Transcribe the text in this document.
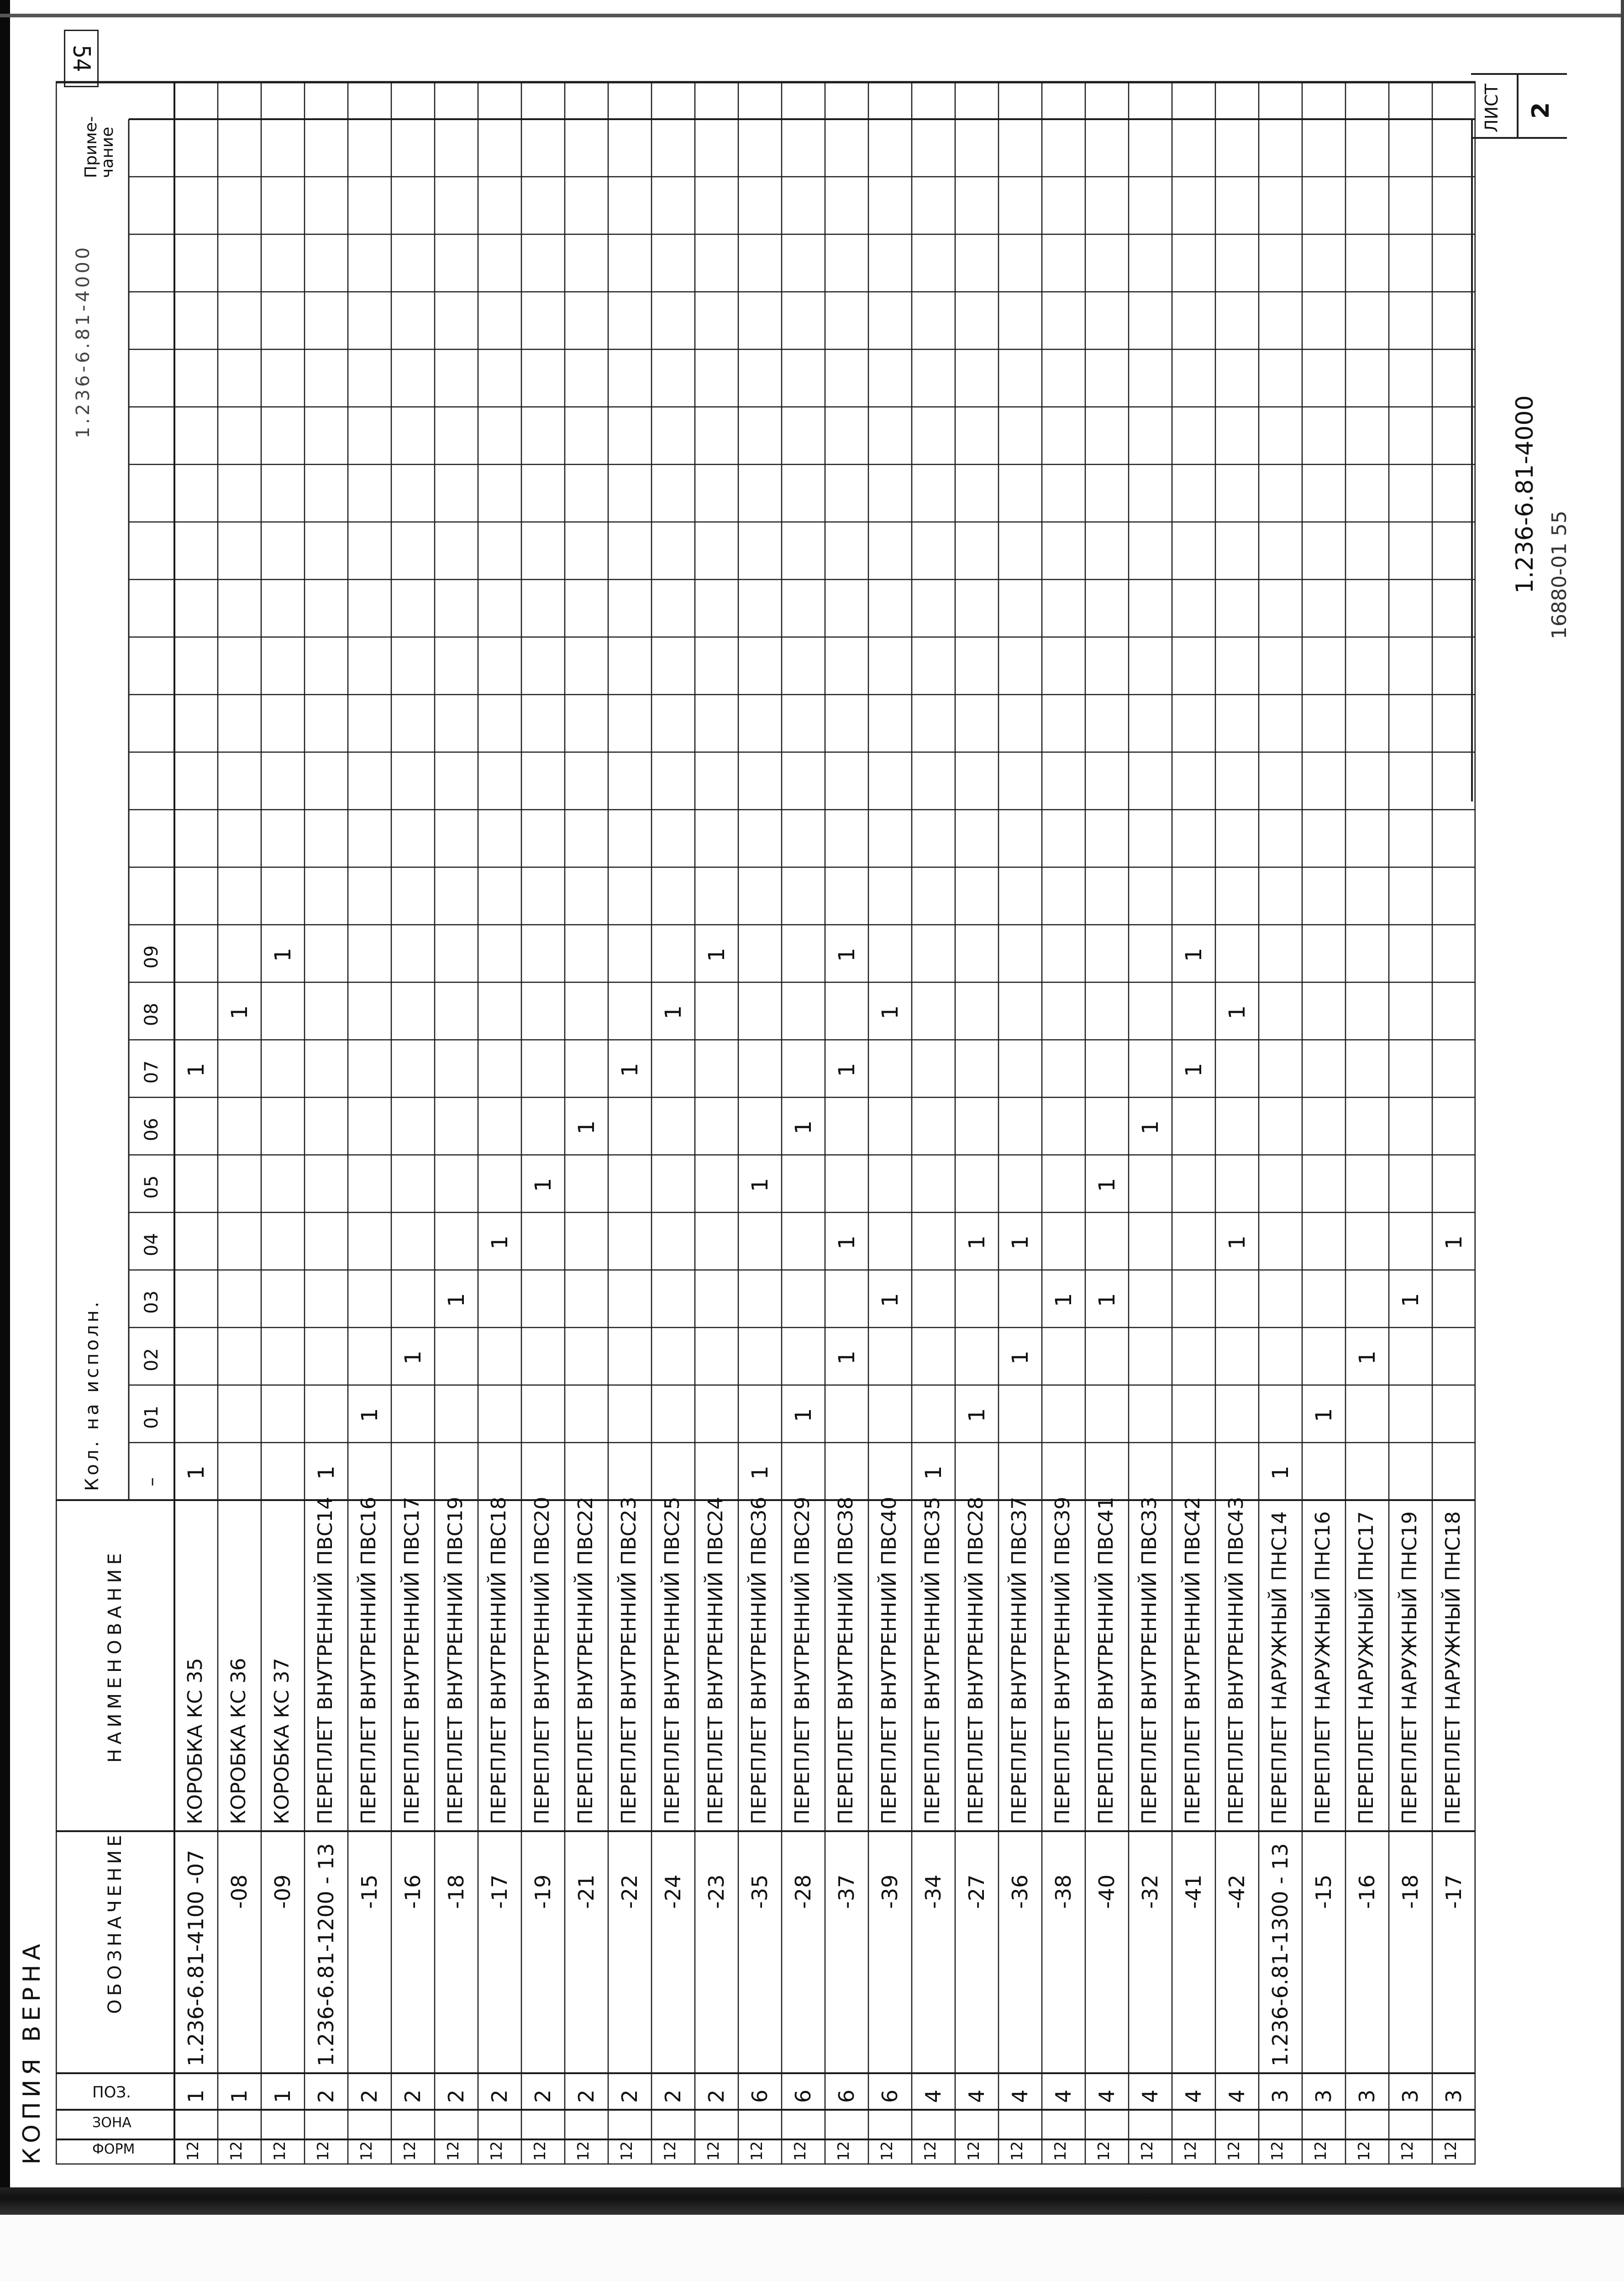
54
КОПИЯ ВЕРНА	ФОРМ
ЗОНА
ПОЗ.
ОБОЗНАЧЕНИЕ
НАИМЕНОВАНИЕ
Кол. на исполн.
1.236-6.81-4000
Приме- чание
–
01
02
03
04
05
06
07
08
09
12
1
1.236-6.81-4100 -07
КОРОБКА КС 35
1
12
1
-08
КОРОБКА КС 36
1
12
1
-09
КОРОБКА КС 37
1
12
2
1.236-6.81-1200 - 13
ПЕРЕПЛЕТ ВНУТРЕННИЙ ПВС14
1
12
2
-15
ПЕРЕПЛЕТ ВНУТРЕННИЙ ПВС16
1
12
2
-16
ПЕРЕПЛЕТ ВНУТРЕННИЙ ПВС17
1
12
2
-18
ПЕРЕПЛЕТ ВНУТРЕННИЙ ПВС19
1
12
2
-17
ПЕРЕПЛЕТ ВНУТРЕННИЙ ПВС18
1
12
2
-19
ПЕРЕПЛЕТ ВНУТРЕННИЙ ПВС20
1
12
2
-21
ПЕРЕПЛЕТ ВНУТРЕННИЙ ПВС22
1
12
2
-22
ПЕРЕПЛЕТ ВНУТРЕННИЙ ПВС23
1
12
2
-24
ПЕРЕПЛЕТ ВНУТРЕННИЙ ПВС25
1
12
2
-23
ПЕРЕПЛЕТ ВНУТРЕННИЙ ПВС24
1
12
6
-35
ПЕРЕПЛЕТ ВНУТРЕННИЙ ПВС36
1
12
6
-28
ПЕРЕПЛЕТ ВНУТРЕННИЙ ПВС29
1
12
6
-37
ПЕРЕПЛЕТ ВНУТРЕННИЙ ПВС38
1
12
6
-39
ПЕРЕПЛЕТ ВНУТРЕННИЙ ПВС40
1
12
4
-34
ПЕРЕПЛЕТ ВНУТРЕННИЙ ПВС35
1
12
4
-27
ПЕРЕПЛЕТ ВНУТРЕННИЙ ПВС28
1
12
4
-36
ПЕРЕПЛЕТ ВНУТРЕННИЙ ПВС37
1
12
4
-38
ПЕРЕПЛЕТ ВНУТРЕННИЙ ПВС39
1
12
4
-40
ПЕРЕПЛЕТ ВНУТРЕННИЙ ПВС41
1
12
4
-32
ПЕРЕПЛЕТ ВНУТРЕННИЙ ПВС33
1
12
4
-41
ПЕРЕПЛЕТ ВНУТРЕННИЙ ПВС42
1
12
4
-42
ПЕРЕПЛЕТ ВНУТРЕННИЙ ПВС43
1
12
3
1.236-6.81-1300 - 13
ПЕРЕПЛЕТ НАРУЖНЫЙ ПНС14
1
12
3
-15
ПЕРЕПЛЕТ НАРУЖНЫЙ ПНС16
1
12
3
-16
ПЕРЕПЛЕТ НАРУЖНЫЙ ПНС17
1
12
3
-18
ПЕРЕПЛЕТ НАРУЖНЫЙ ПНС19
1
12
3
-17
ПЕРЕПЛЕТ НАРУЖНЫЙ ПНС18
1
1
1
1
1
1
1
1
1 1
1
1
1
1.236-6.81-4000 16880-01 55
ЛИСТ 2
